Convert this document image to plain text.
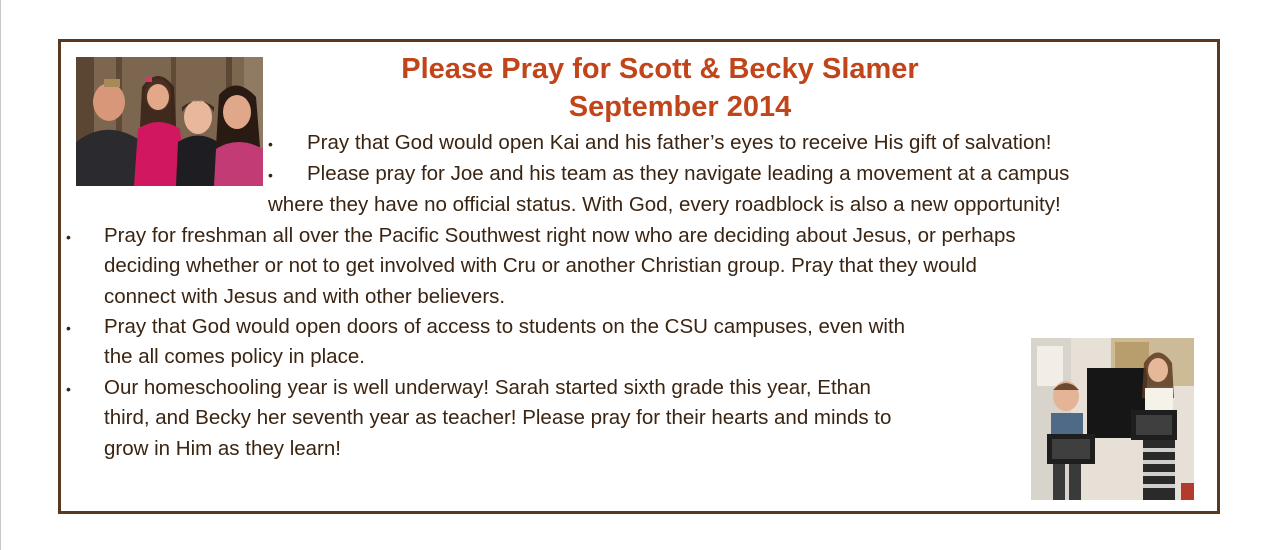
Please Pray for Scott & Becky Slamer
September 2014
• Pray that God would open Kai and his father’s eyes to receive His gift of salvation!
• Please pray for Joe and his team as they navigate leading a movement at a campus
where they have no official status. With God, every roadblock is also a new opportunity!
• Pray for freshman all over the Pacific Southwest right now who are deciding about Jesus, or perhaps
deciding whether or not to get involved with Cru or another Christian group. Pray that they would
connect with Jesus and with other believers.
• Pray that God would open doors of access to students on the CSU campuses, even with
the all comes policy in place.
• Our homeschooling year is well underway! Sarah started sixth grade this year, Ethan
third, and Becky her seventh year as teacher! Please pray for their hearts and minds to
grow in Him as they learn!
